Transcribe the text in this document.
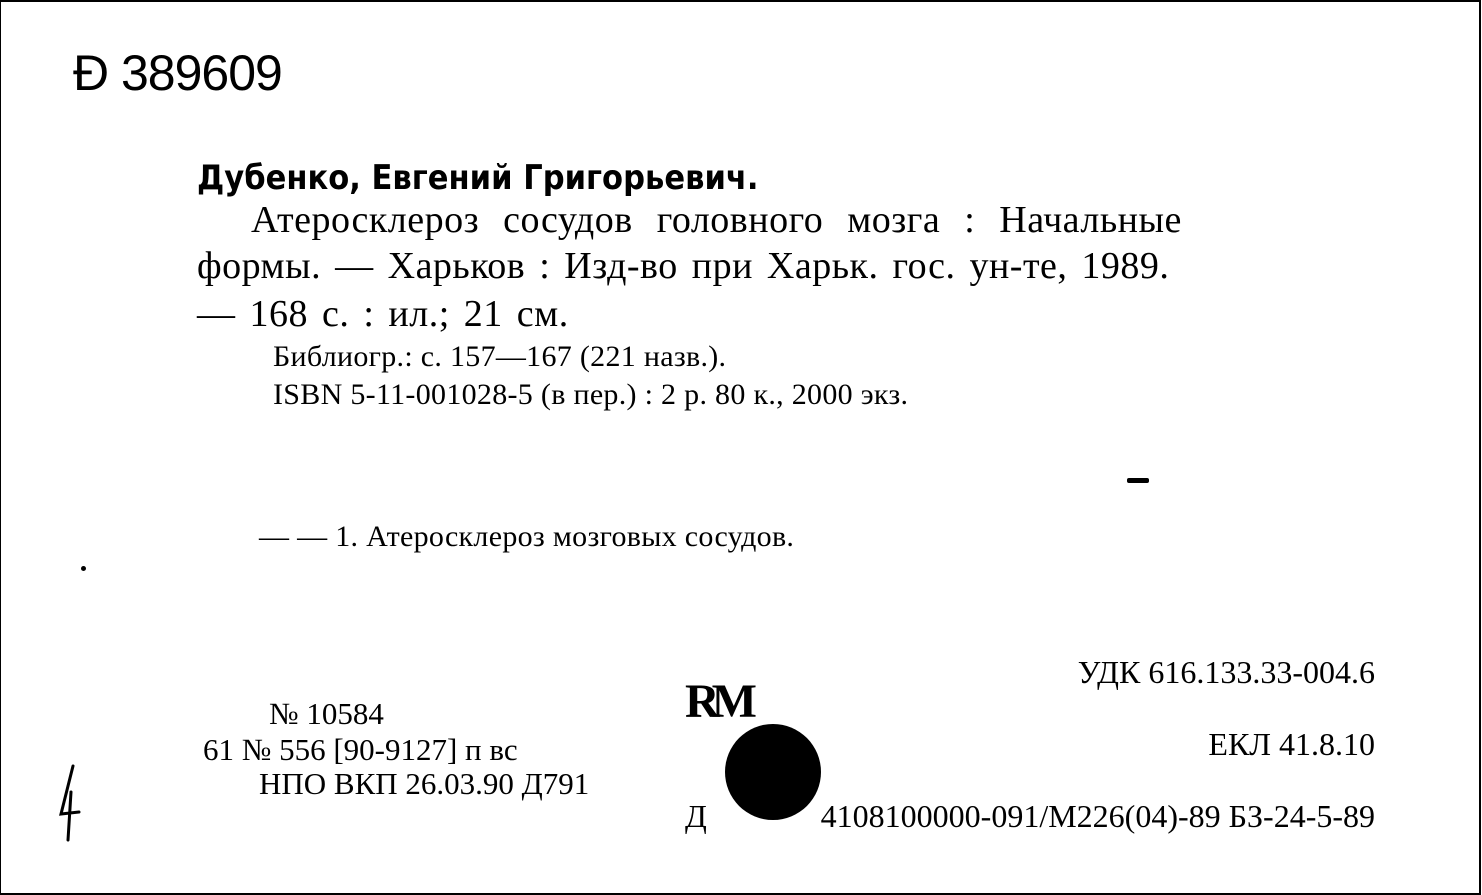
Ð 389609
Дубенко, Евгений Григорьевич.
Атеросклероз сосудов головного мозга : Начальные
формы. — Харьков : Изд-во при Харьк. гос. ун-те, 1989.
— 168 с. : ил.; 21 см.
Библиогр.: с. 157—167 (221 назв.).
ISBN 5-11-001028-5 (в пер.) : 2 р. 80 к., 2000 экз.
— — 1. Атеросклероз мозговых сосудов.
УДК 616.133.33-004.6
ЕКЛ 41.8.10
№ 10584
61 № 556 [90-9127] п вс
НПО ВКП 26.03.90 Д791
RM
Д	4108100000-091/М226(04)-89 БЗ-24-5-89
